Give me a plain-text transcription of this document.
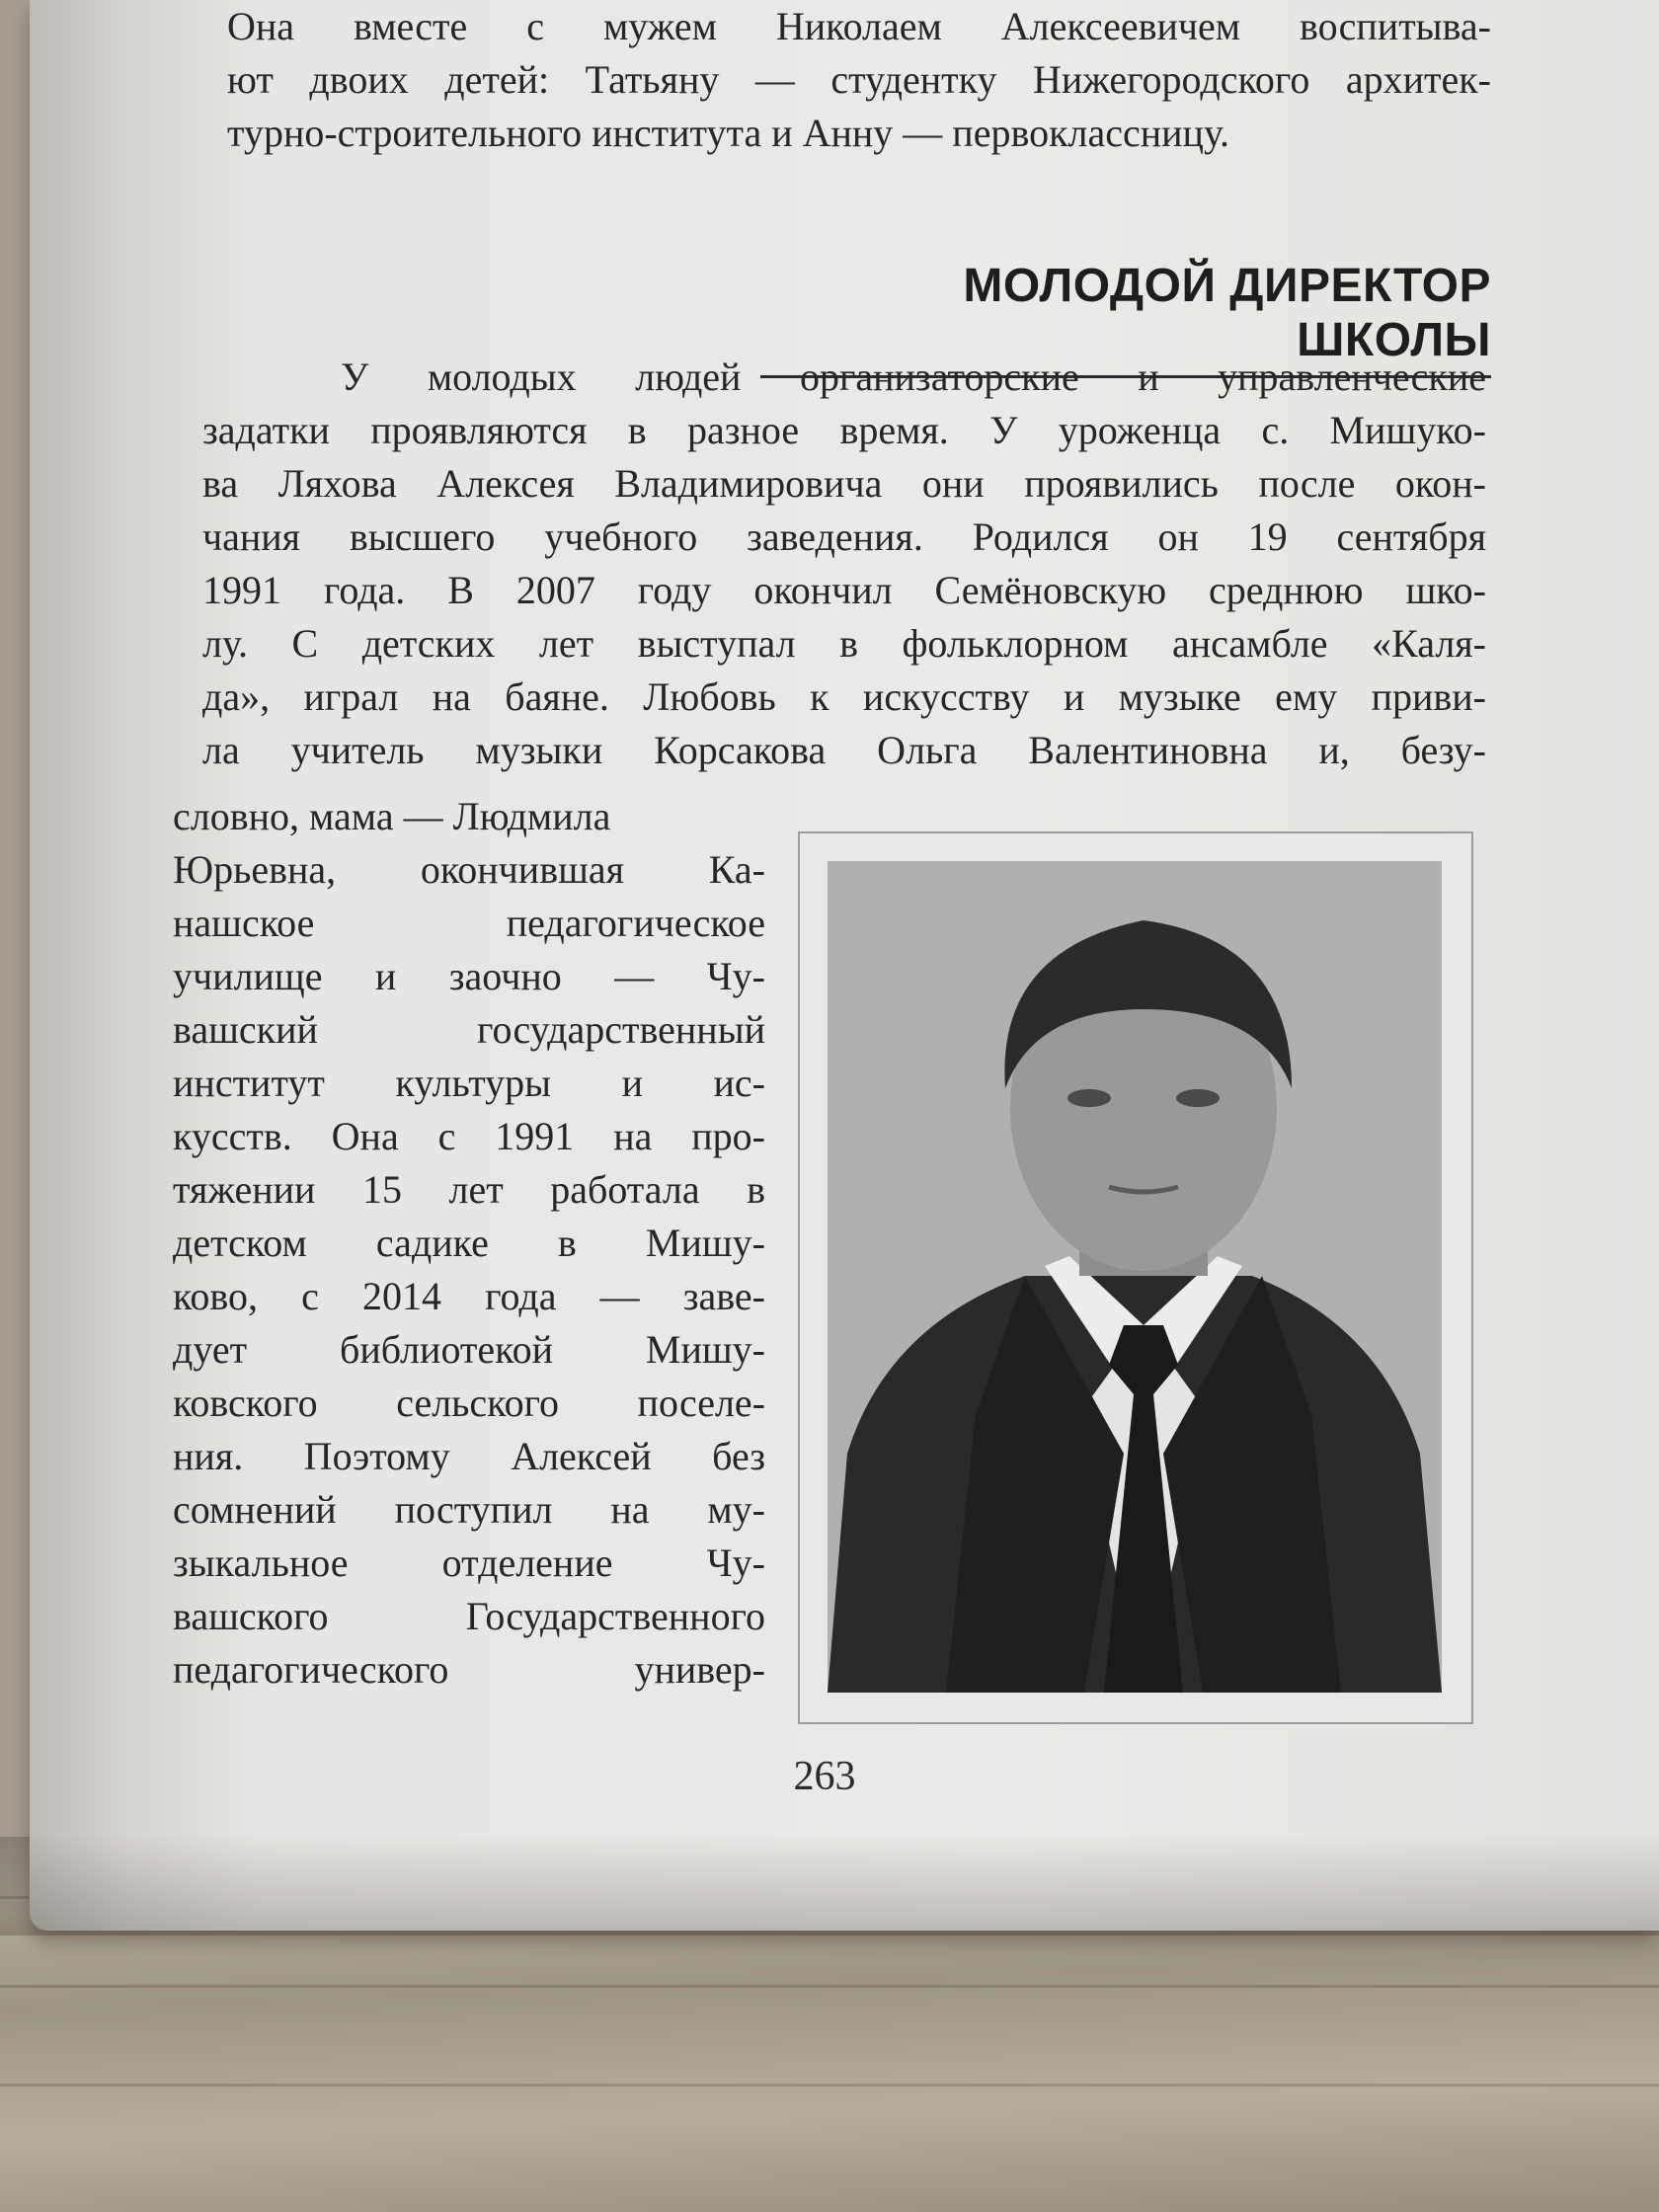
Она вместе с мужем Николаем Алексеевичем воспитыва-
ют двоих детей: Татьяну — студентку Нижегородского архитек-
турно-строительного института и Анну — первоклассницу.
МОЛОДОЙ ДИРЕКТОР ШКОЛЫ
У молодых людей организаторские и управленческие
задатки проявляются в разное время. У уроженца с. Мишуко-
ва Ляхова Алексея Владимировича они проявились после окон-
чания высшего учебного заведения. Родился он 19 сентября
1991 года. В 2007 году окончил Семёновскую среднюю шко-
лу. С детских лет выступал в фольклорном ансамбле «Каля-
да», играл на баяне. Любовь к искусству и музыке ему приви-
ла учитель музыки Корсакова Ольга Валентиновна и, безу-
словно, мама — Людмила
Юрьевна, окончившая Ка-
нашское педагогическое
училище и заочно — Чу-
вашский государственный
институт культуры и ис-
кусств. Она с 1991 на про-
тяжении 15 лет работала в
детском садике в Мишу-
ково, с 2014 года — заве-
дует библиотекой Мишу-
ковского сельского поселе-
ния. Поэтому Алексей без
сомнений поступил на му-
зыкальное отделение Чу-
вашского Государственного
педагогического универ-
263
